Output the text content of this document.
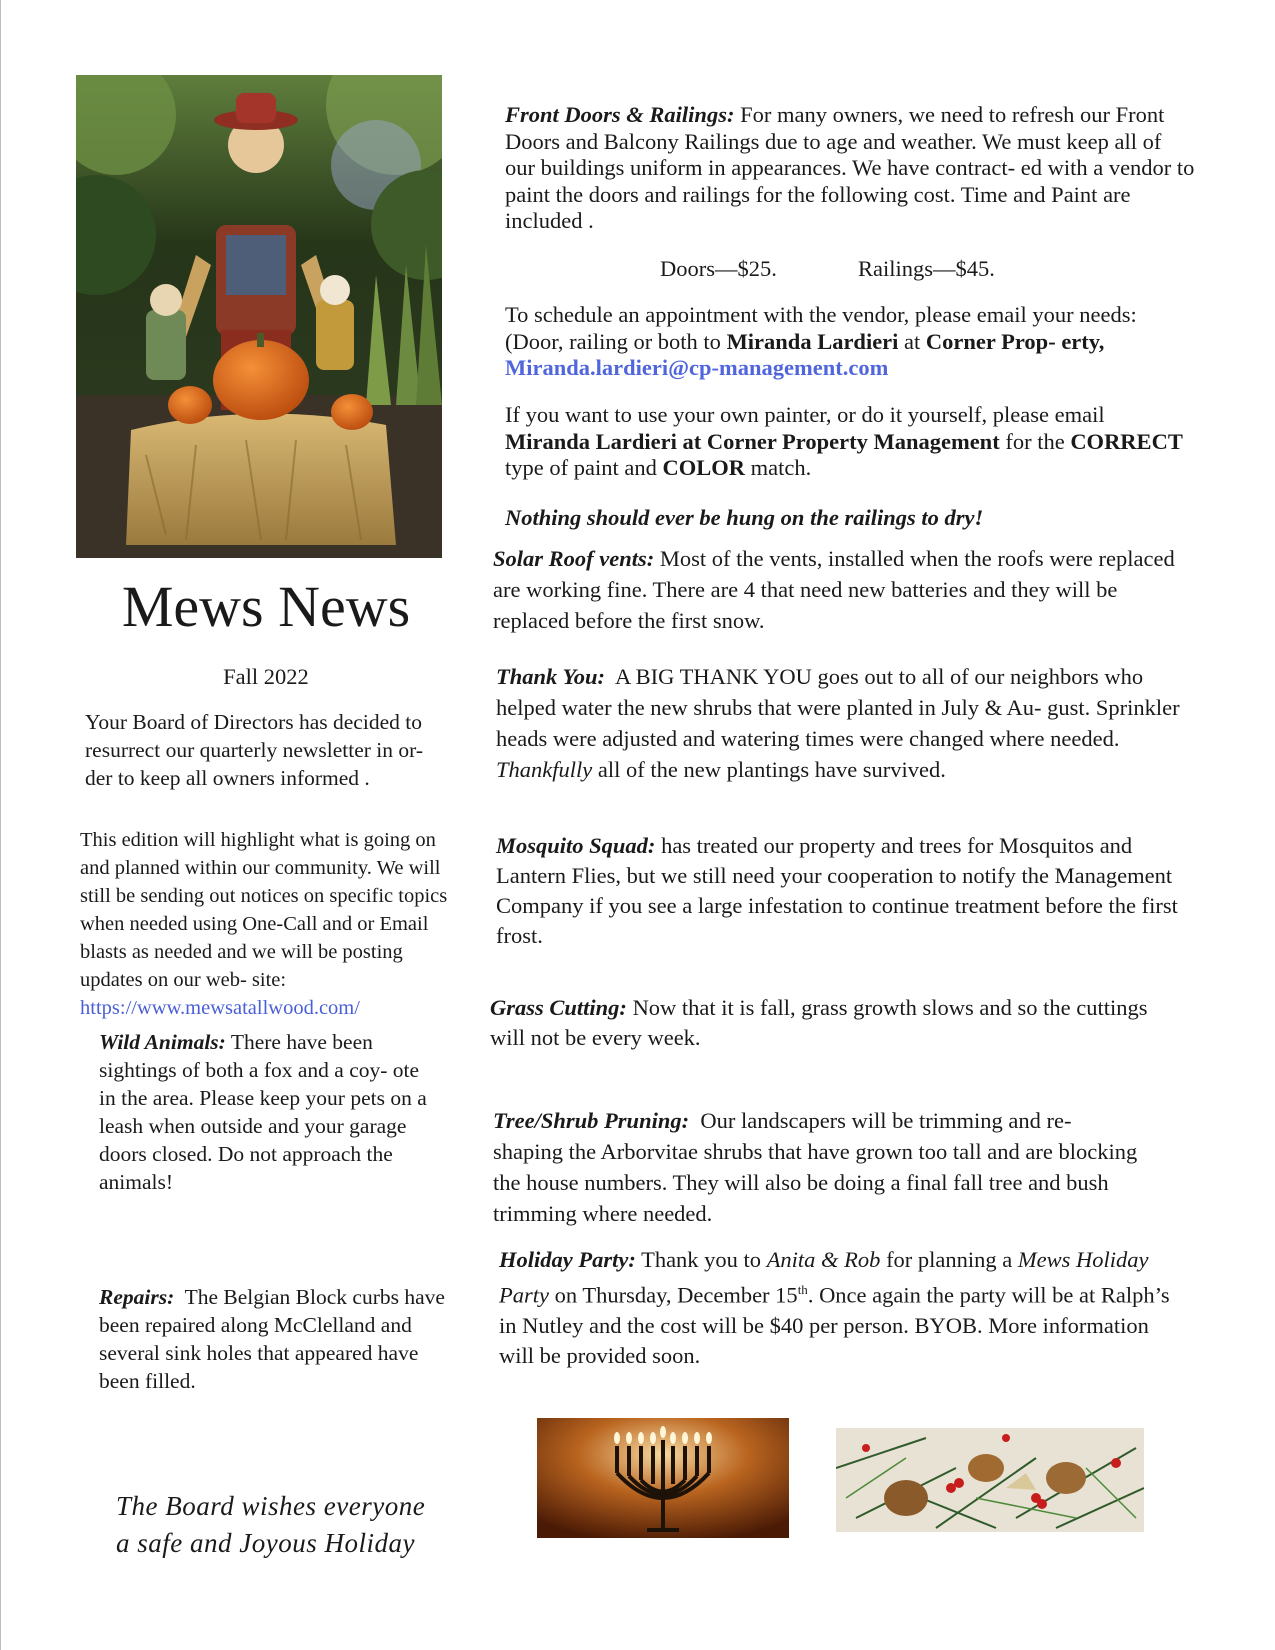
Mews News
Fall 2022

Your Board of Directors has decided to resurrect our quarterly newsletter in or- der to keep all owners informed .

This edition will highlight what is going on and planned within our community. We will still be sending out notices on specific topics when needed using One-Call and or Email blasts as needed and we will be posting updates on our web- site:  https://www.mewsatallwood.com/

Wild Animals: There have been sightings of both a fox and a coy- ote in the area. Please keep your pets on a leash when outside and your garage doors closed. Do not approach the animals!

Repairs: The Belgian Block curbs have been repaired along McClelland and several sink holes that appeared have been filled.

The Board wishes everyone
a safe and Joyous Holiday

Front Doors & Railings: For many owners, we need to refresh our Front Doors and Balcony Railings due to age and weather. We must keep all of our buildings uniform in appearances. We have contract- ed with a vendor to paint the doors and railings for the following cost. Time and Paint are included .

Doors—$25.	Railings—$45.

To schedule an appointment with the vendor, please email your needs: (Door, railing or both to Miranda Lardieri at Corner Prop- erty,        Miranda.lardieri@cp-management.com

If you want to use your own painter, or do it yourself, please email Miranda Lardieri at Corner Property Management for the CORRECT type of paint and COLOR match.

Nothing should ever be hung on the railings to dry!

Solar Roof vents: Most of the vents, installed when the roofs were replaced are working fine. There are 4 that need new batteries and they will be replaced before the first snow.

Thank You: A BIG THANK YOU goes out to all of our neighbors who helped water the new shrubs that were planted in July & Au- gust. Sprinkler heads were adjusted and watering times were changed where needed. Thankfully all of the new plantings have survived.

Mosquito Squad: has treated our property and trees for Mosquitos and Lantern Flies, but we still need your cooperation to notify the Management Company if you see a large infestation to continue treatment before the first frost.

Grass Cutting: Now that it is fall, grass growth slows and so the cuttings will not be every week.

Tree/Shrub Pruning: Our landscapers will be trimming and re- shaping the Arborvitae shrubs that have grown too tall and are blocking the house numbers. They will also be doing a final fall tree and bush trimming where needed.

Holiday Party: Thank you to Anita & Rob for planning a Mews Holiday Party on Thursday, December 15th. Once again the party will be at Ralph’s in Nutley and the cost will be $40 per person. BYOB. More information will be provided soon.
